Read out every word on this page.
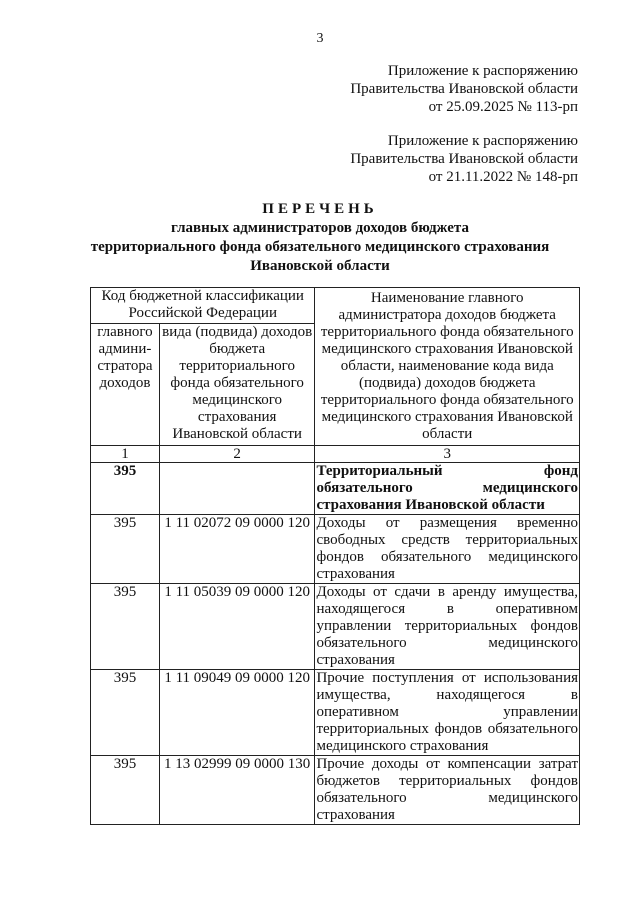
3
Приложение к распоряжению
Правительства Ивановской области
от 25.09.2025 № 113-рп
Приложение к распоряжению
Правительства Ивановской области
от 21.11.2022 № 148-рп
ПЕРЕЧЕНЬ
главных администраторов доходов бюджета
территориального фонда обязательного медицинского страхования
Ивановской области
Код бюджетной классификации Российской Федерации		Наименование главного администратора доходов бюджета территориального фонда обязательного медицинского страхования Ивановской области, наименование кода вида (подвида) доходов бюджета территориального фонда обязательного медицинского страхования Ивановской области
главного админи-стратора доходов	вида (подвида) доходов бюджета территориального фонда обязательного медицинского страхования Ивановской области	
1	2	3
395		Территориальный фонд обязательного медицинского страхования Ивановской области
395	1 11 02072 09 0000 120	Доходы от размещения временно свободных средств территориальных фондов обязательного медицинского страхования
395	1 11 05039 09 0000 120	Доходы от сдачи в аренду имущества, находящегося в оперативном управлении территориальных фондов обязательного медицинского страхования
395	1 11 09049 09 0000 120	Прочие поступления от использования имущества, находящегося в оперативном управлении территориальных фондов обязательного медицинского страхования
395	1 13 02999 09 0000 130	Прочие доходы от компенсации затрат бюджетов территориальных фондов обязательного медицинского страхования
